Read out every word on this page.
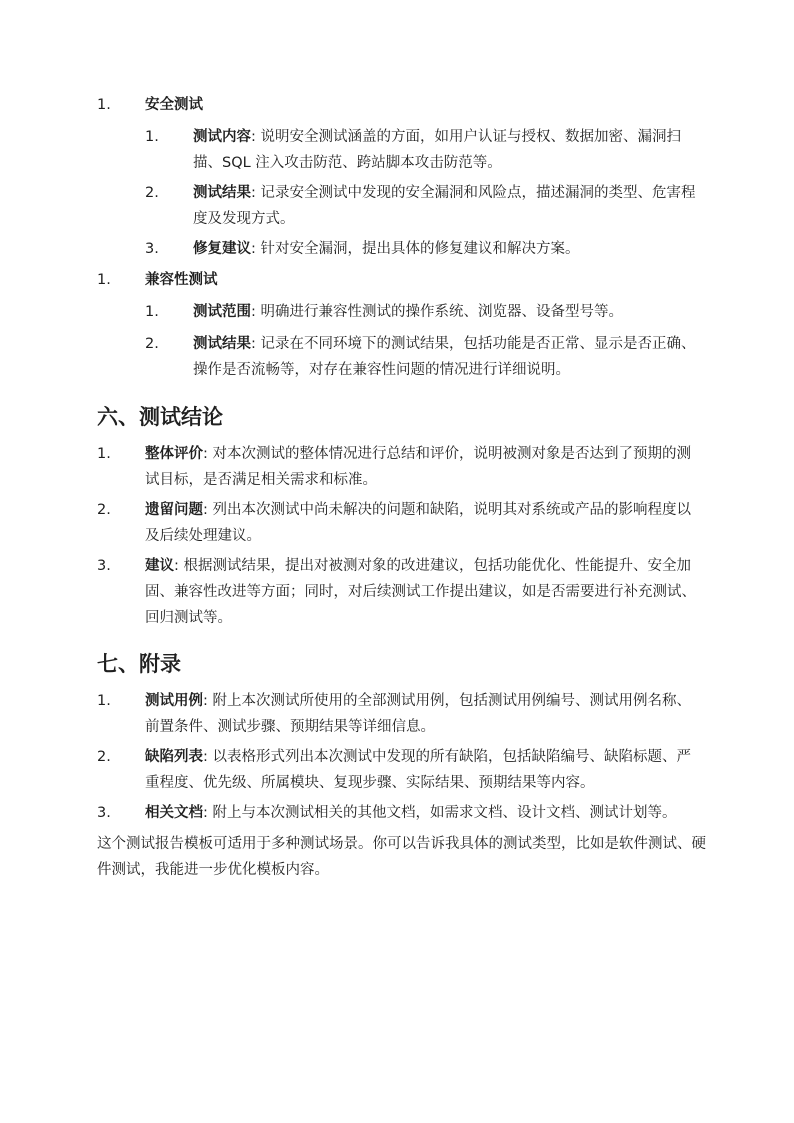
1. 安全测试
1. 测试内容: 说明安全测试涵盖的方面，如用户认证与授权、数据加密、漏洞扫描、SQL 注入攻击防范、跨站脚本攻击防范等。
2. 测试结果: 记录安全测试中发现的安全漏洞和风险点，描述漏洞的类型、危害程度及发现方式。
3. 修复建议: 针对安全漏洞，提出具体的修复建议和解决方案。
1. 兼容性测试
1. 测试范围: 明确进行兼容性测试的操作系统、浏览器、设备型号等。
2. 测试结果: 记录在不同环境下的测试结果，包括功能是否正常、显示是否正确、操作是否流畅等，对存在兼容性问题的情况进行详细说明。
六、测试结论
1. 整体评价: 对本次测试的整体情况进行总结和评价，说明被测对象是否达到了预期的测试目标，是否满足相关需求和标准。
2. 遗留问题: 列出本次测试中尚未解决的问题和缺陷，说明其对系统或产品的影响程度以及后续处理建议。
3. 建议: 根据测试结果，提出对被测对象的改进建议，包括功能优化、性能提升、安全加固、兼容性改进等方面；同时，对后续测试工作提出建议，如是否需要进行补充测试、回归测试等。
七、附录
1. 测试用例: 附上本次测试所使用的全部测试用例，包括测试用例编号、测试用例名称、前置条件、测试步骤、预期结果等详细信息。
2. 缺陷列表: 以表格形式列出本次测试中发现的所有缺陷，包括缺陷编号、缺陷标题、严重程度、优先级、所属模块、复现步骤、实际结果、预期结果等内容。
3. 相关文档: 附上与本次测试相关的其他文档，如需求文档、设计文档、测试计划等。
这个测试报告模板可适用于多种测试场景。你可以告诉我具体的测试类型，比如是软件测试、硬件测试，我能进一步优化模板内容。
